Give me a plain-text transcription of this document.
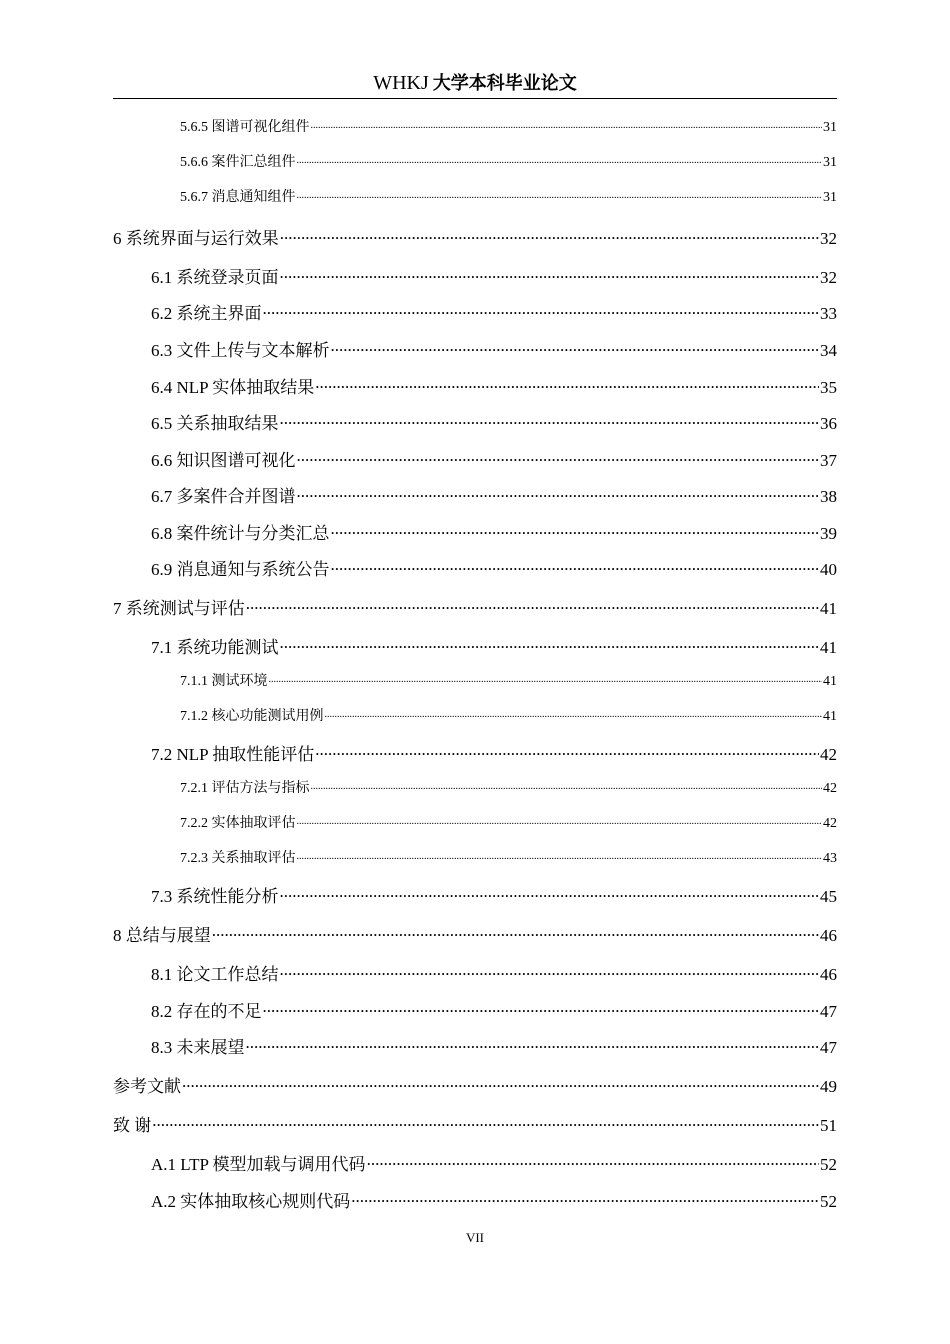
WHKJ 大学本科毕业论文
5.6.5 图谱可视化组件 .....	31
5.6.6 案件汇总组件 .....	31
5.6.7 消息通知组件 .....	31
6 系统界面与运行效果 .....	32
6.1 系统登录页面 .....	32
6.2 系统主界面 .....	33
6.3 文件上传与文本解析 .....	34
6.4 NLP 实体抽取结果 .....	35
6.5 关系抽取结果 .....	36
6.6 知识图谱可视化 .....	37
6.7 多案件合并图谱 .....	38
6.8 案件统计与分类汇总 .....	39
6.9 消息通知与系统公告 .....	40
7 系统测试与评估 .....	41
7.1 系统功能测试 .....	41
7.1.1 测试环境 .....	41
7.1.2 核心功能测试用例 .....	41
7.2 NLP 抽取性能评估 .....	42
7.2.1 评估方法与指标 .....	42
7.2.2 实体抽取评估 .....	42
7.2.3 关系抽取评估 .....	43
7.3 系统性能分析 .....	45
8 总结与展望 .....	46
8.1 论文工作总结 .....	46
8.2 存在的不足 .....	47
8.3 未来展望 .....	47
参考文献 .....	49
致 谢 .....	51
A.1 LTP 模型加载与调用代码 .....	52
A.2 实体抽取核心规则代码 .....	52
VII
